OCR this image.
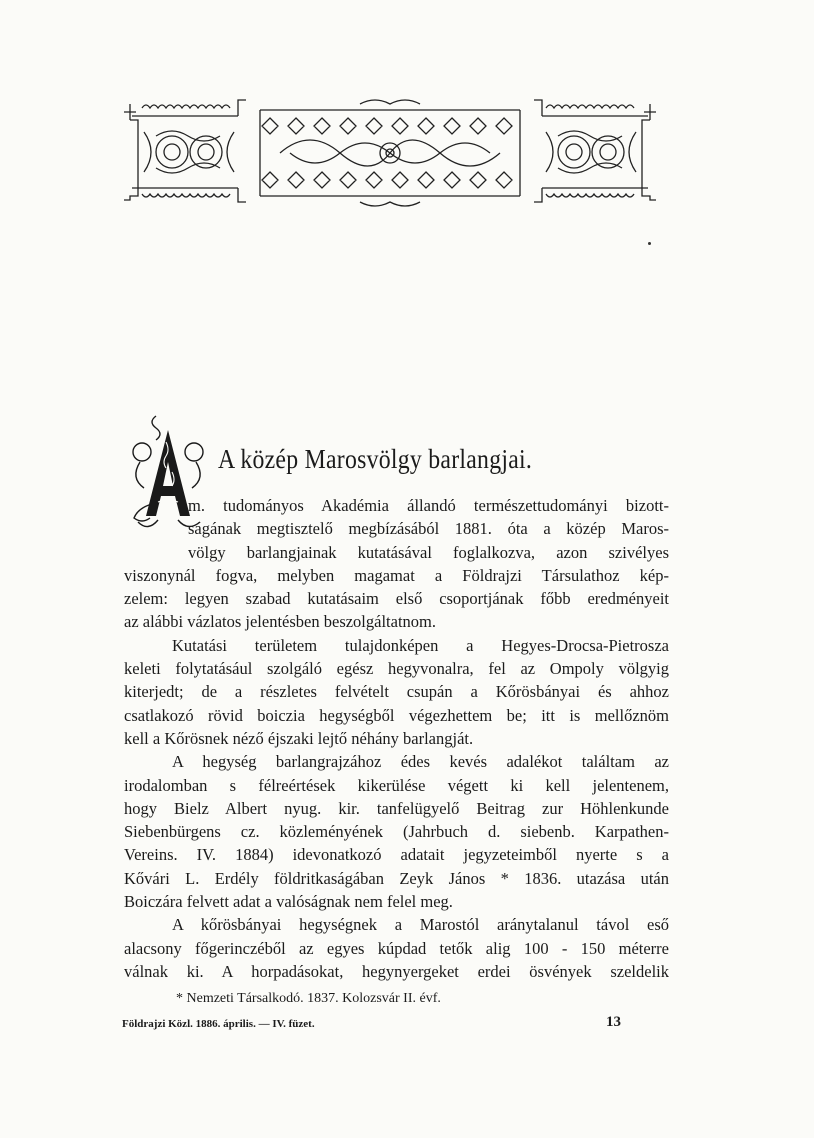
A
A közép Marosvölgy barlangjai.
m. tudományos Akadémia állandó természettudományi bizott-
ságának megtisztelő megbízásából 1881. óta a közép Maros-
völgy barlangjainak kutatásával foglalkozva, azon szivélyes
viszonynál fogva, melyben magamat a Földrajzi Társulathoz kép-
zelem: legyen szabad kutatásaim első csoportjának főbb eredményeit
az alábbi vázlatos jelentésben beszolgáltatnom.
Kutatási területem tulajdonképen a Hegyes-Drocsa-Pietrosza
keleti folytatásául szolgáló egész hegyvonalra, fel az Ompoly völgyig
kiterjedt; de a részletes felvételt csupán a Kőrösbányai és ahhoz
csatlakozó rövid boiczia hegységből végezhettem be; itt is mellőznöm
kell a Kőrösnek néző éjszaki lejtő néhány barlangját.
A hegység barlangrajzához édes kevés adalékot találtam az
irodalomban s félreértések kikerülése végett ki kell jelentenem,
hogy Bielz Albert nyug. kir. tanfelügyelő Beitrag zur Höhlenkunde
Siebenbürgens cz. közleményének (Jahrbuch d. siebenb. Karpathen-
Vereins. IV. 1884) idevonatkozó adatait jegyzeteimből nyerte s a
Kővári L. Erdély földritkaságában Zeyk János * 1836. utazása után
Boiczára felvett adat a valóságnak nem felel meg.
A kőrösbányai hegységnek a Marostól aránytalanul távol eső
alacsony főgerinczéből az egyes kúpdad tetők alig 100 - 150 méterre
válnak ki. A horpadásokat, hegynyergeket erdei ösvények szeldelik
* Nemzeti Társalkodó. 1837. Kolozsvár II. évf.
Földrajzi Közl. 1886. április. — IV. füzet.	13
